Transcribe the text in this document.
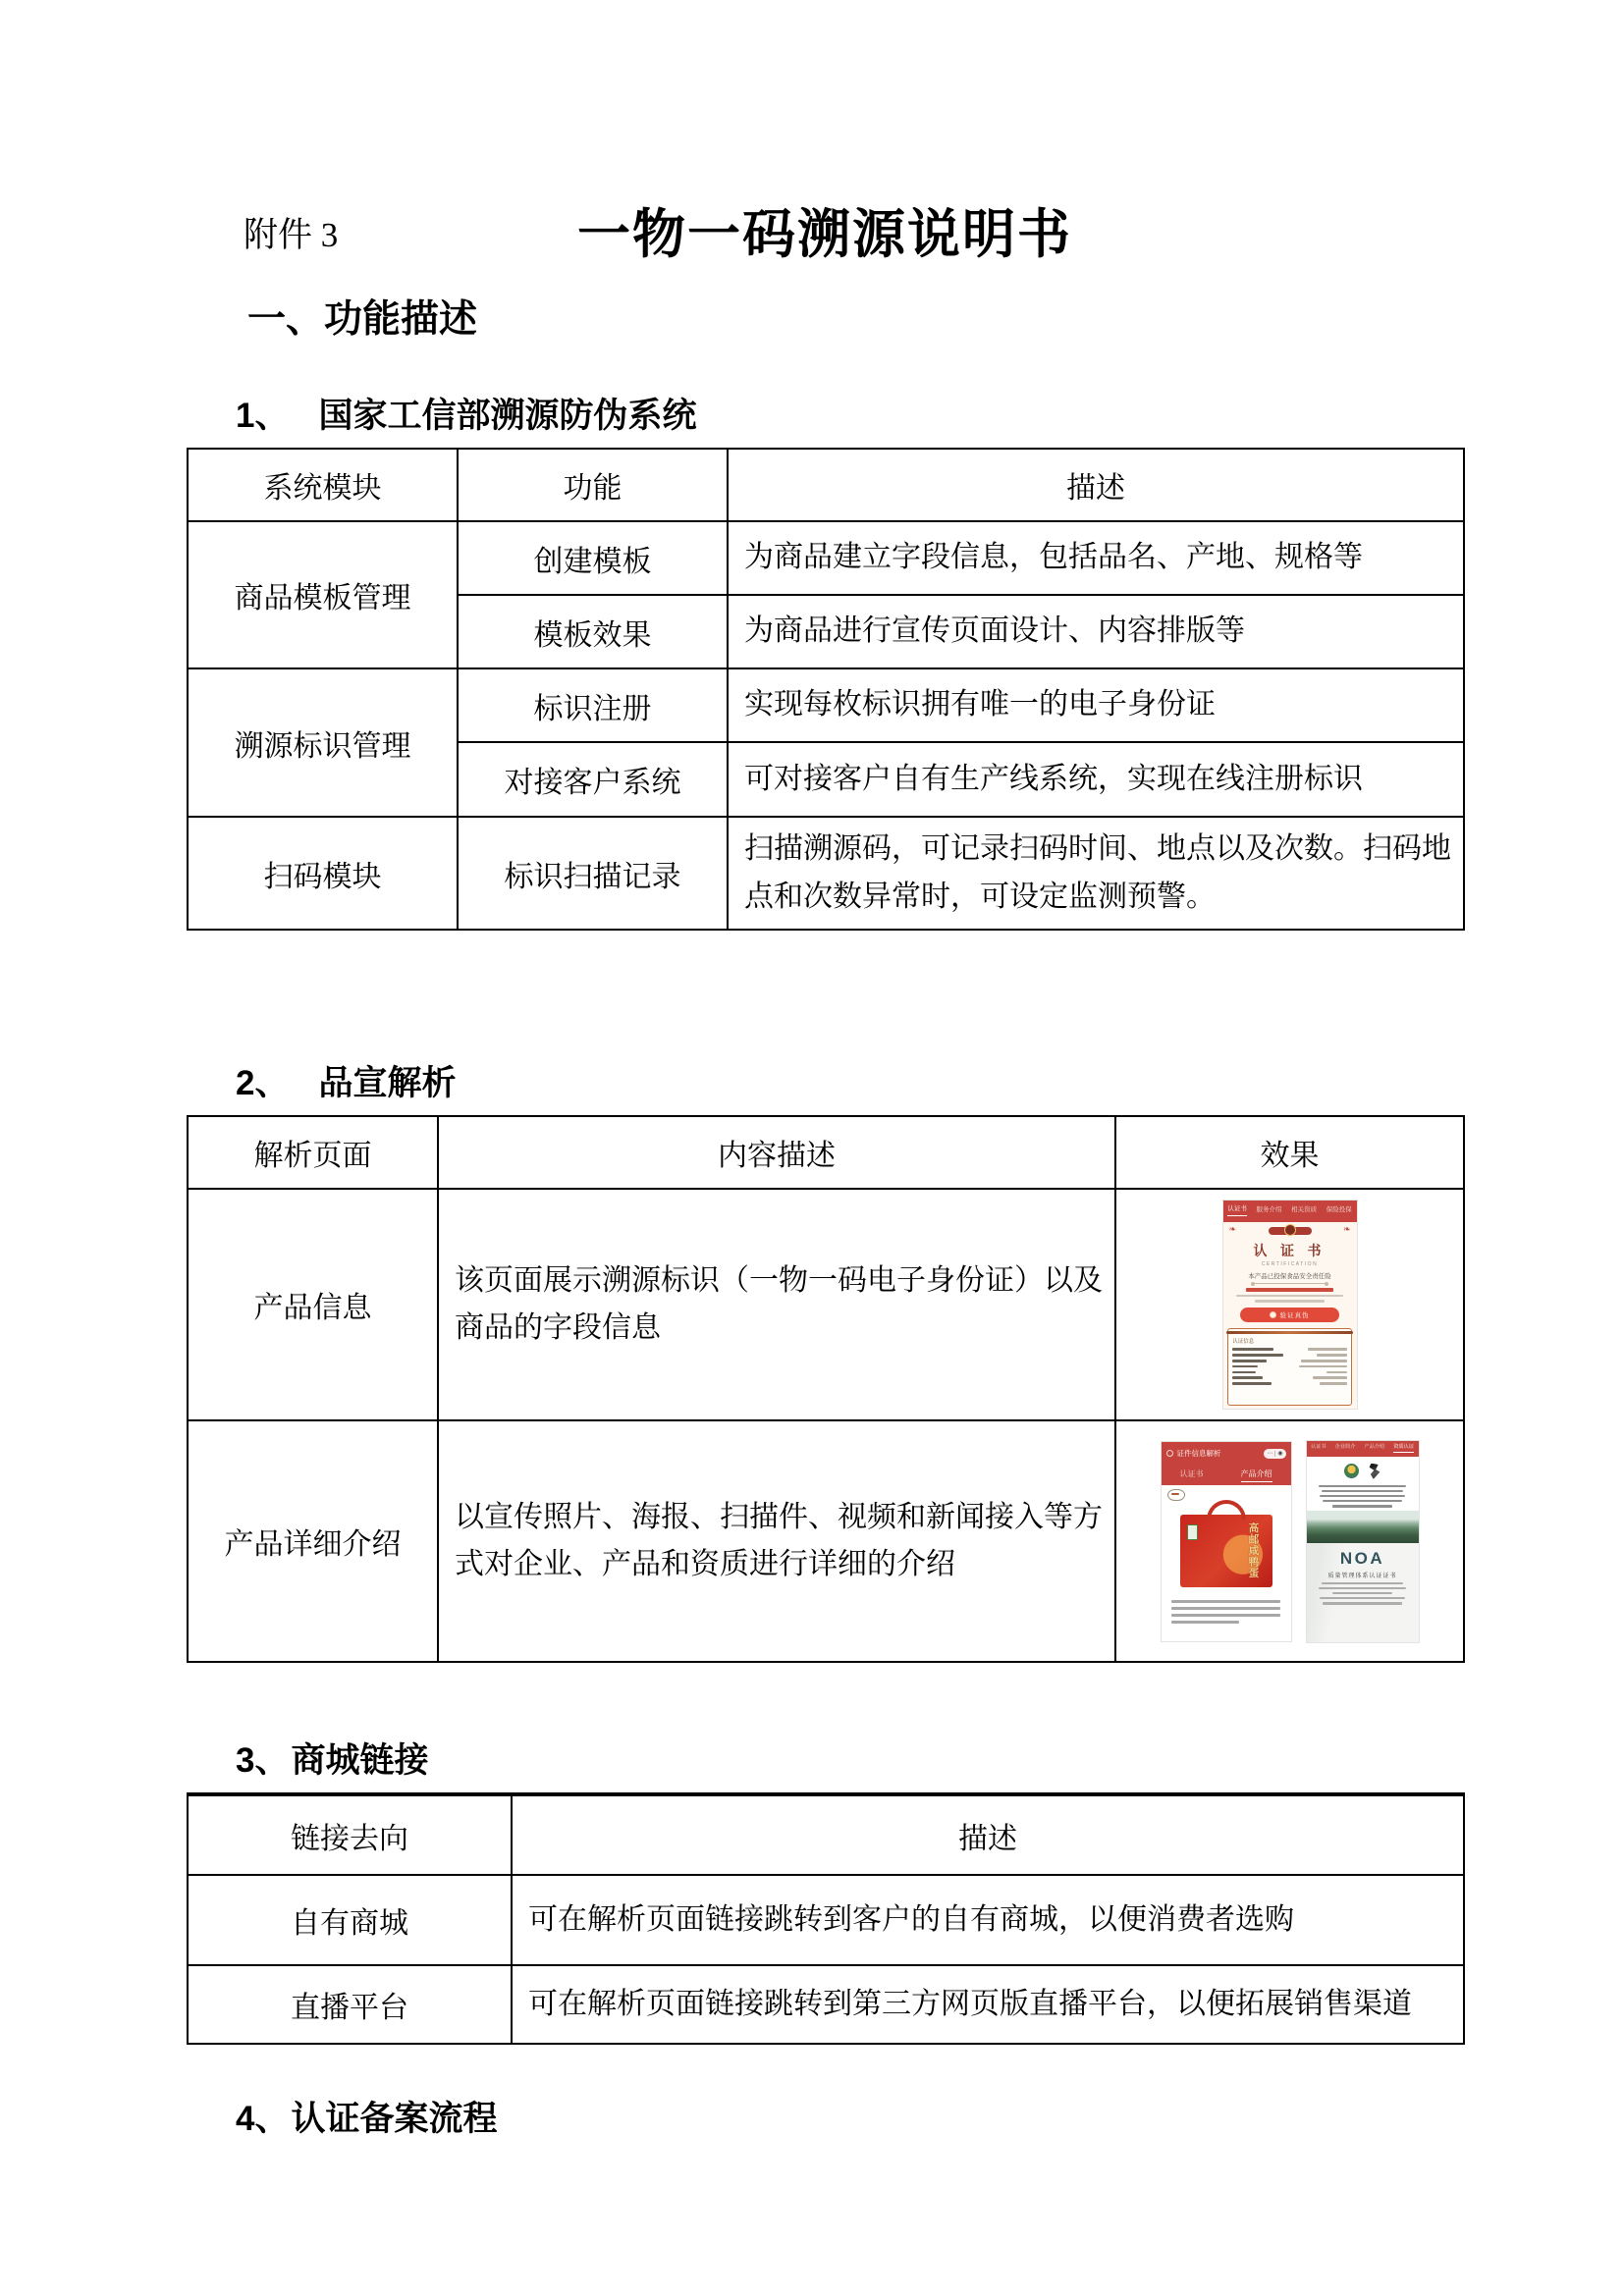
附件 3	一物一码溯源说明书
一、功能描述
1、 国家工信部溯源防伪系统
系统模块	功能	描述
商品模板管理	创建模板	为商品建立字段信息，包括品名、产地、规格等
	模板效果	为商品进行宣传页面设计、内容排版等
溯源标识管理	标识注册	实现每枚标识拥有唯一的电子身份证
	对接客户系统	可对接客户自有生产线系统，实现在线注册标识
扫码模块	标识扫描记录	扫描溯源码，可记录扫码时间、地点以及次数。扫码地点和次数异常时，可设定监测预警。
2、 品宣解析
解析页面	内容描述	效果
产品信息	该页面展示溯源标识（一物一码电子身份证）以及商品的字段信息	
认证书 服务介绍 相关资质 保险投保
❧	❧
认 证 书
CERTIFICATION
本产品已投保食品安全责任险
验证真伪
认证信息

产品详细介绍	以宣传照片、海报、扫描件、视频和新闻接入等方式对企业、产品和资质进行详细的介绍	
证件信息解析	⋯ ◉
认证书	产品介绍
高邮咸鸭蛋
认证书 企业简介 产品介绍 资质认证
NOA
质量管理体系认证证书
3、商城链接
链接去向	描述
自有商城	可在解析页面链接跳转到客户的自有商城，以便消费者选购
直播平台	可在解析页面链接跳转到第三方网页版直播平台，以便拓展销售渠道
4、认证备案流程
